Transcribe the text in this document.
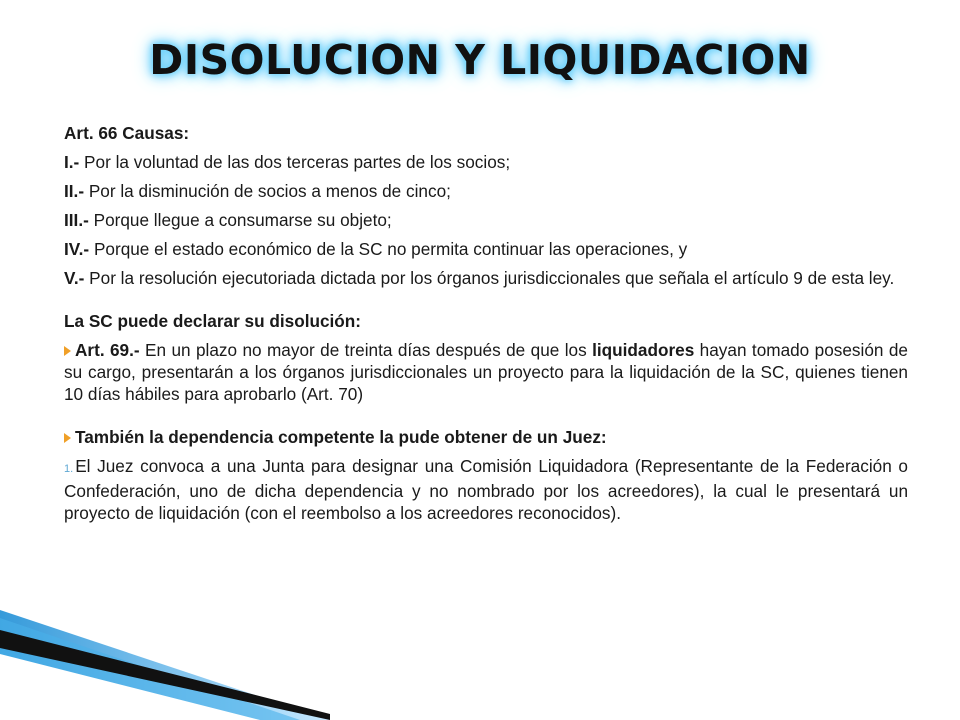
DISOLUCION Y LIQUIDACION
Art. 66 Causas:
I.- Por la voluntad de las dos terceras partes de los socios;
II.- Por la disminución de socios a menos de cinco;
III.- Porque llegue a consumarse su objeto;
IV.- Porque el estado económico de la SC no permita continuar las operaciones, y
V.- Por la resolución ejecutoriada dictada por los órganos jurisdiccionales que señala el artículo 9 de esta ley.
La SC puede declarar su disolución:
Art. 69.- En un plazo no mayor de treinta días después de que los liquidadores hayan tomado posesión de su cargo, presentarán a los órganos jurisdiccionales un proyecto para la liquidación de la SC, quienes tienen 10 días hábiles para aprobarlo (Art. 70)
También la dependencia competente la pude obtener de un Juez:
1. El Juez convoca a una Junta para designar una Comisión Liquidadora (Representante de la Federación o Confederación, uno de dicha dependencia y no nombrado por los acreedores), la cual le presentará un proyecto de liquidación (con el reembolso a los acreedores reconocidos).
